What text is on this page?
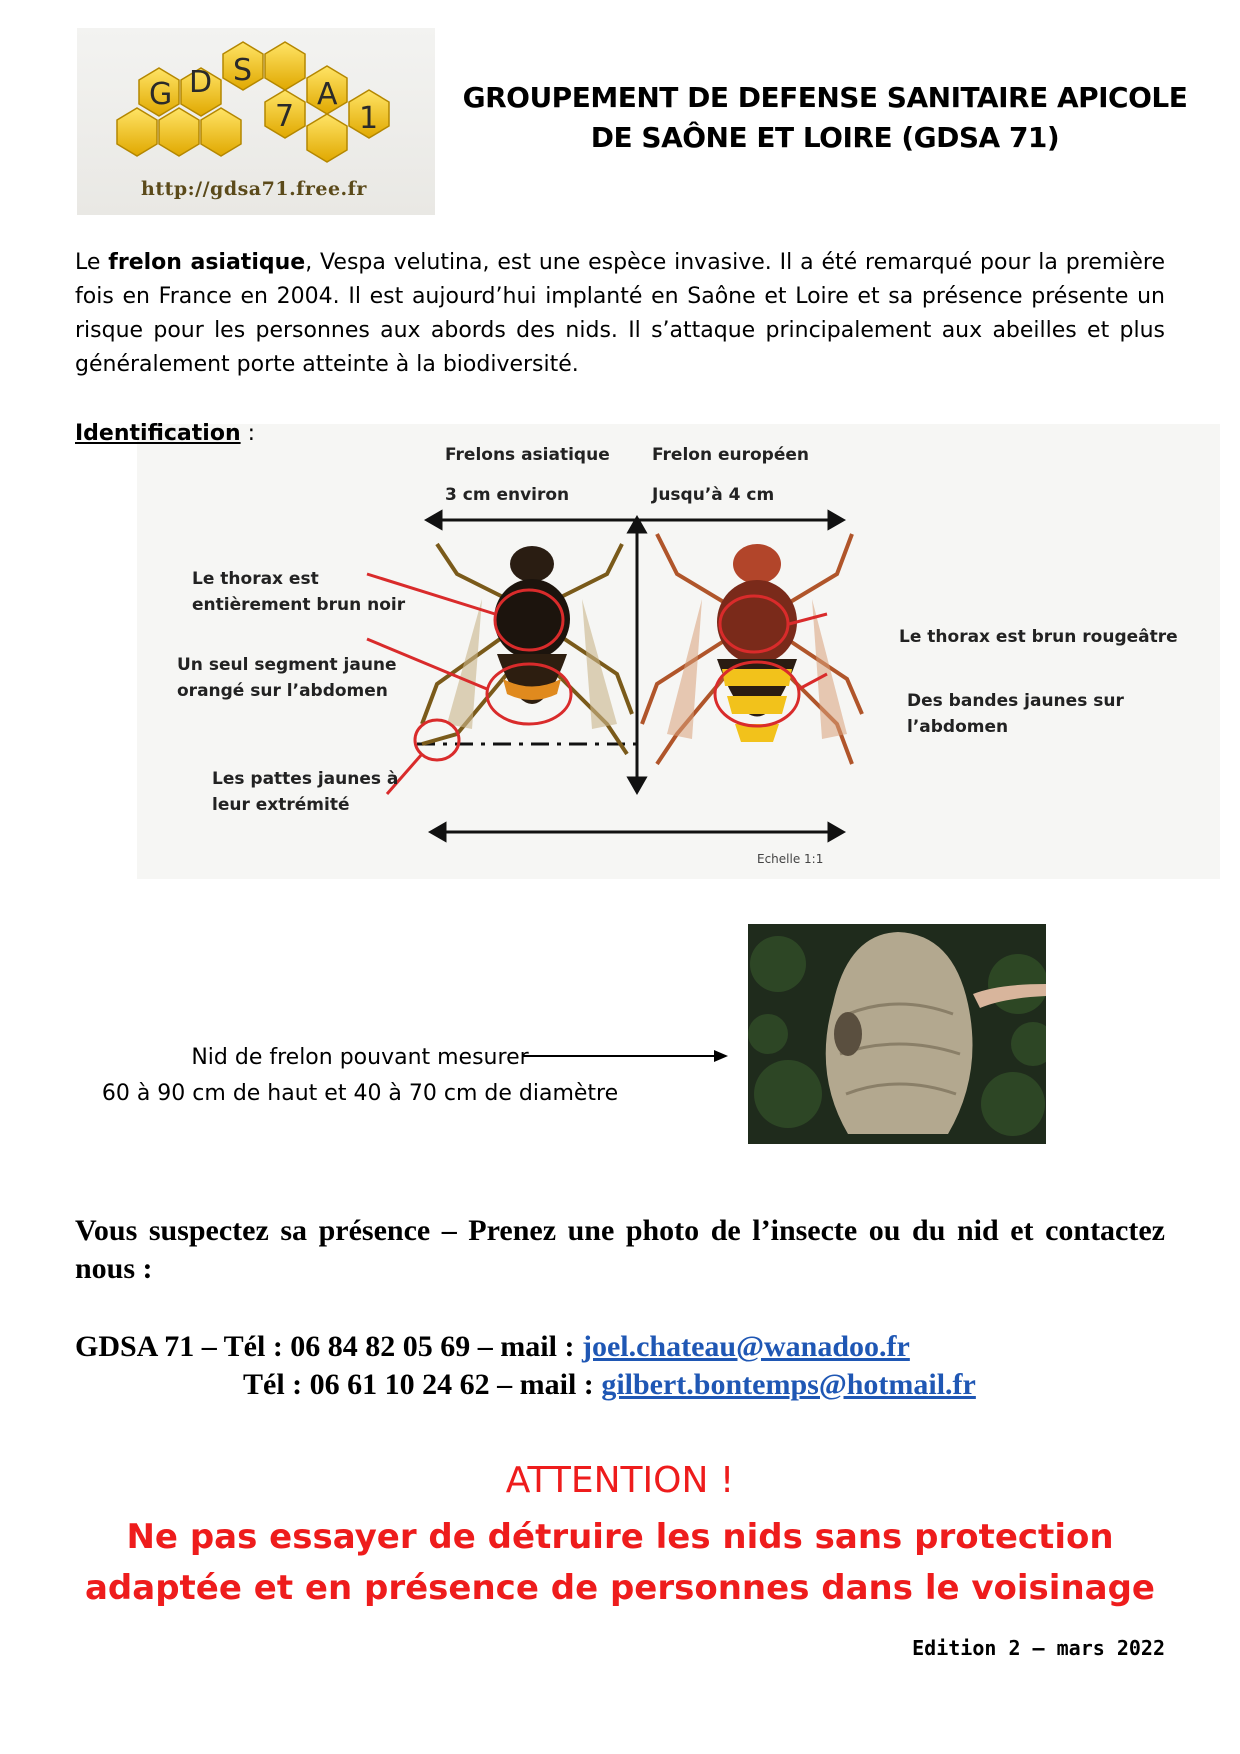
G D S
A
7 1
http://gdsa71.free.fr
GROUPEMENT DE DEFENSE SANITAIRE APICOLE
DE SAÔNE ET LOIRE (GDSA 71)
Le frelon asiatique, Vespa velutina, est une espèce invasive. Il a été remarqué pour la première fois en France en 2004. Il est aujourd’hui implanté en Saône et Loire et sa présence présente un risque pour les personnes aux abords des nids. Il s’attaque principalement aux abeilles et plus généralement porte atteinte à la biodiversité.
Frelons asiatique
3 cm environ
Frelon européen
Jusqu’à 4 cm
Le thorax est
entièrement brun noir
Un seul segment jaune
orangé sur l’abdomen
Les pattes jaunes à
leur extrémité
Le thorax est brun rougeâtre
Des bandes jaunes sur l’abdomen
Echelle 1:1
Identification :
Nid de frelon pouvant mesurer
60 à 90 cm de haut et 40 à 70 cm de diamètre
Vous suspectez sa présence – Prenez une photo de l’insecte ou du nid et contactez nous :
GDSA 71 – Tél : 06 84 82 05 69 – mail : joel.chateau@wanadoo.fr
Tél : 06 61 10 24 62 – mail : gilbert.bontemps@hotmail.fr
ATTENTION !
Ne pas essayer de détruire les nids sans protection
adaptée et en présence de personnes dans le voisinage
Edition 2 – mars 2022
